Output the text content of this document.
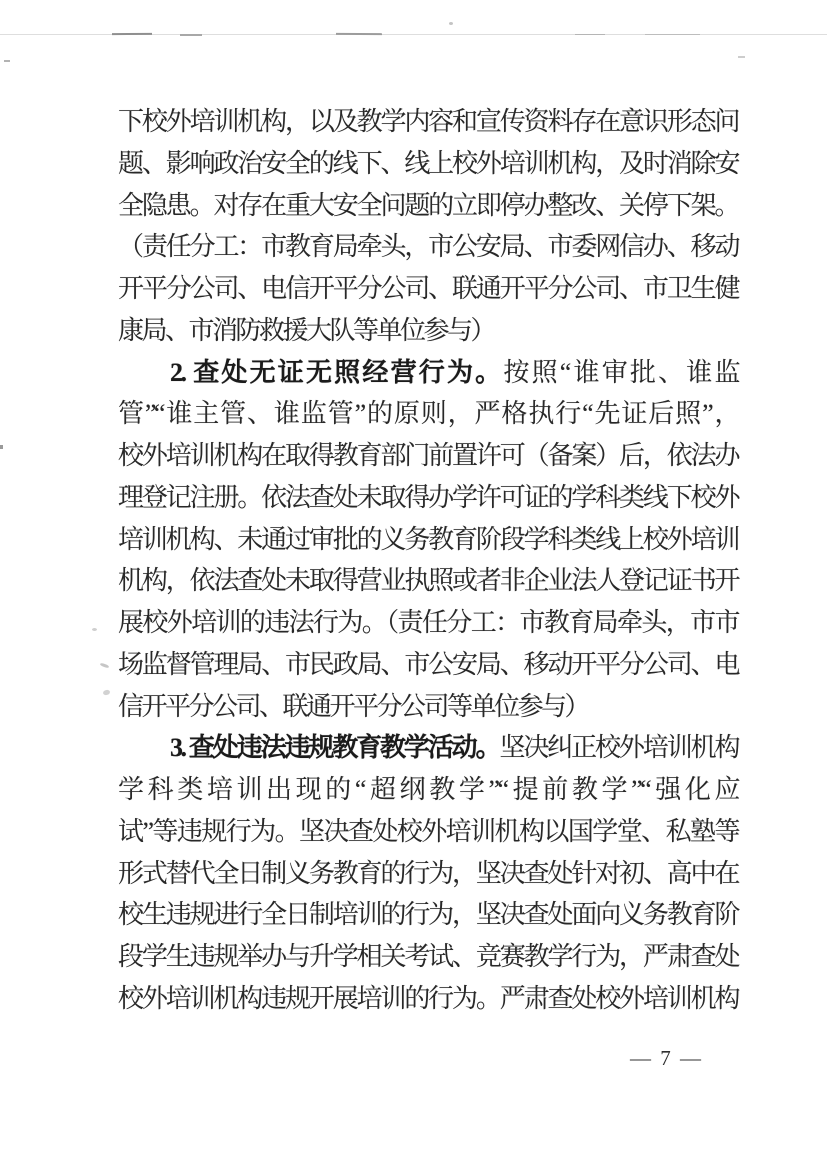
下校外培训机构，以及教学内容和宣传资料存在意识形态问
题、影响政治安全的线下、线上校外培训机构，及时消除安
全隐患。对存在重大安全问题的立即停办整改、关停下架。
（责任分工：市教育局牵头，市公安局、市委网信办、移动
开平分公司、电信开平分公司、联通开平分公司、市卫生健
康局、市消防救援大队等单位参与）
2. 查处无证无照经营行为。按照“谁审批、谁监
管”“谁主管、谁监管”的原则，严格执行“先证后照”，
校外培训机构在取得教育部门前置许可（备案）后，依法办
理登记注册。依法查处未取得办学许可证的学科类线下校外
培训机构、未通过审批的义务教育阶段学科类线上校外培训
机构，依法查处未取得营业执照或者非企业法人登记证书开
展校外培训的违法行为。（责任分工：市教育局牵头，市市
场监督管理局、市民政局、市公安局、移动开平分公司、电
信开平分公司、联通开平分公司等单位参与）
3. 查处违法违规教育教学活动。坚决纠正校外培训机构
学科类培训出现的“超纲教学”“提前教学”“强化应
试”等违规行为。坚决查处校外培训机构以国学堂、私塾等
形式替代全日制义务教育的行为，坚决查处针对初、高中在
校生违规进行全日制培训的行为，坚决查处面向义务教育阶
段学生违规举办与升学相关考试、竞赛教学行为，严肃查处
校外培训机构违规开展培训的行为。严肃查处校外培训机构
— 7 —
